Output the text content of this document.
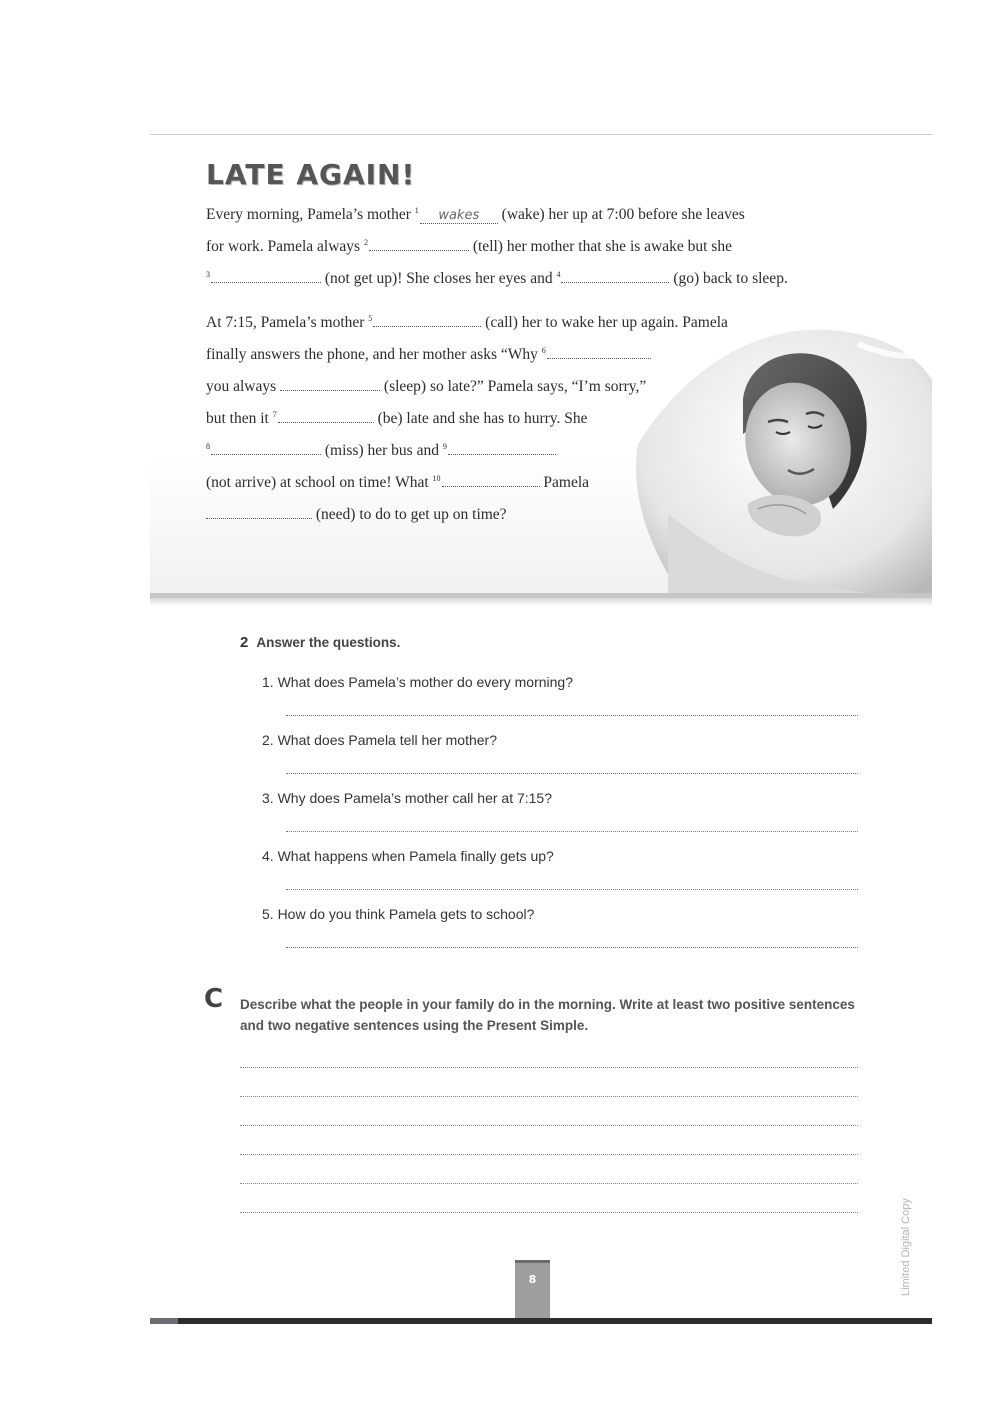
LATE AGAIN!
Every morning, Pamela’s mother $^1$ wakes (wake) her up at 7:00 before she leaves
for work. Pamela always $^2$	(tell) her mother that she is awake but she
$^3$	(not get up)! She closes her eyes and $^4$	(go) back to sleep.
At 7:15, Pamela’s mother $^5$	(call) her to wake her up again. Pamela
finally answers the phone, and her mother asks “Why $^6$
you always	(sleep) so late?” Pamela says, “I’m sorry,”
but then it $^7$	(be) late and she has to hurry. She
$^8$	(miss) her bus and $^9$
(not arrive) at school on time! What $^{10}$	Pamela
(need) to do to get up on time?
2 Answer the questions.
1. What does Pamela’s mother do every morning?
2. What does Pamela tell her mother?
3. Why does Pamela’s mother call her at 7:15?
4. What happens when Pamela finally gets up?
5. How do you think Pamela gets to school?
C Describe what the people in your family do in the morning. Write at least two positive sentences and two negative sentences using the Present Simple.
Limited Digital Copy
8
